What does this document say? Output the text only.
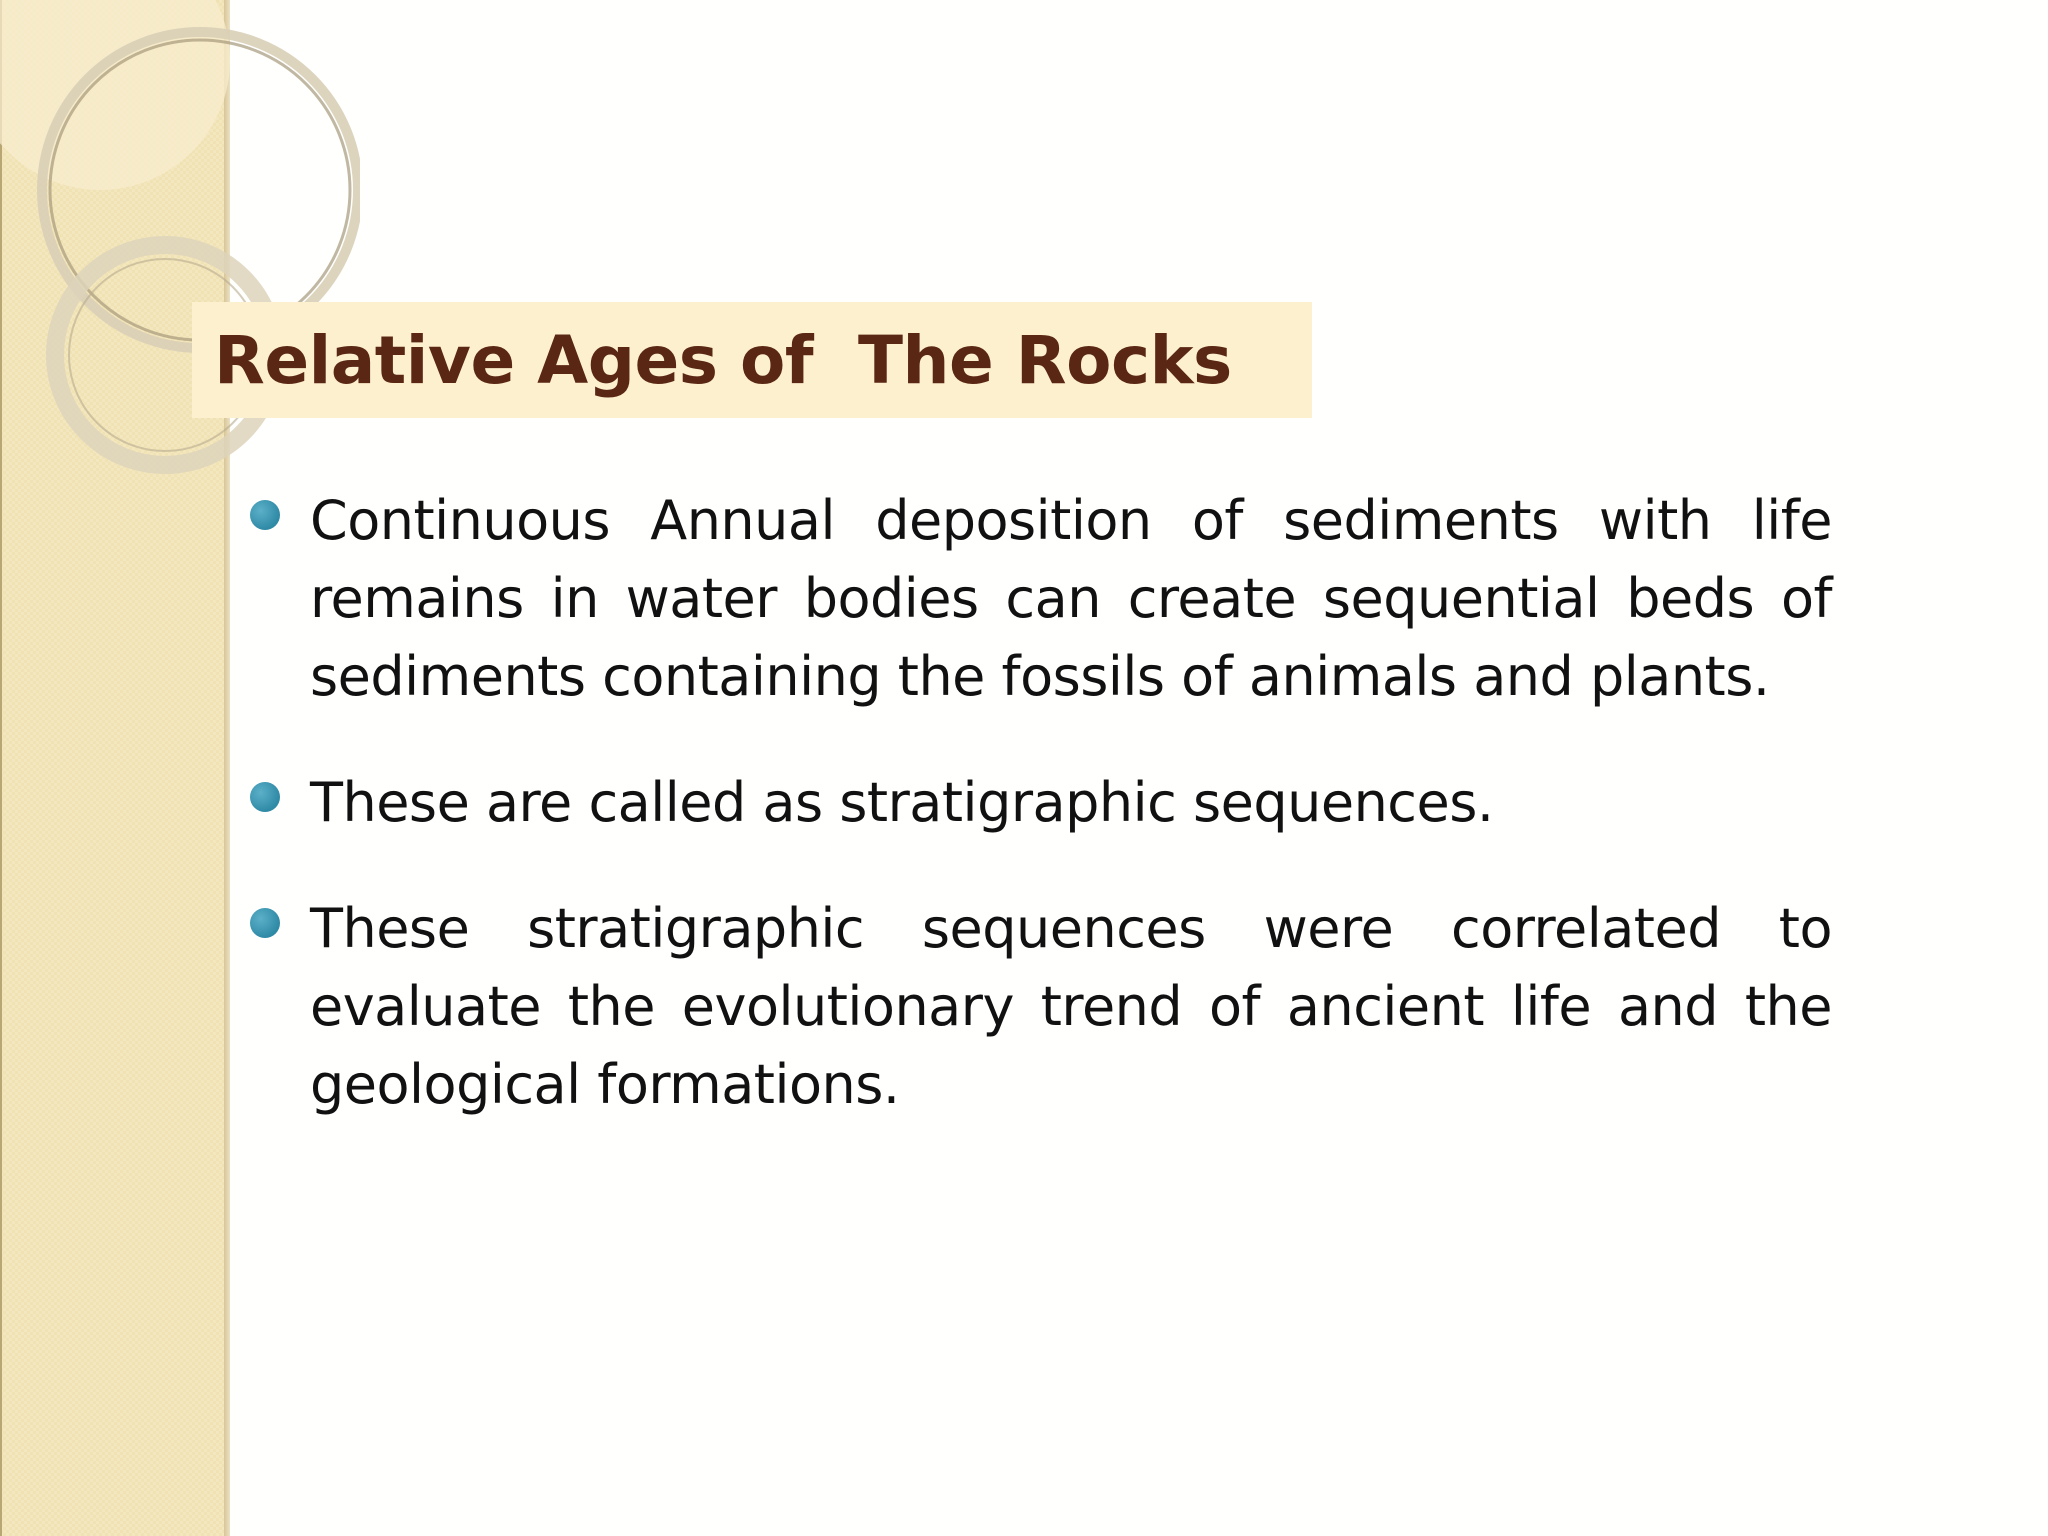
Relative Ages of  The Rocks
Continuous Annual deposition of sediments with life remains in water bodies can create sequential beds of sediments containing the fossils of animals and plants.
These are called as stratigraphic sequences.
These stratigraphic sequences were correlated to evaluate the evolutionary trend of ancient life and the geological formations.
